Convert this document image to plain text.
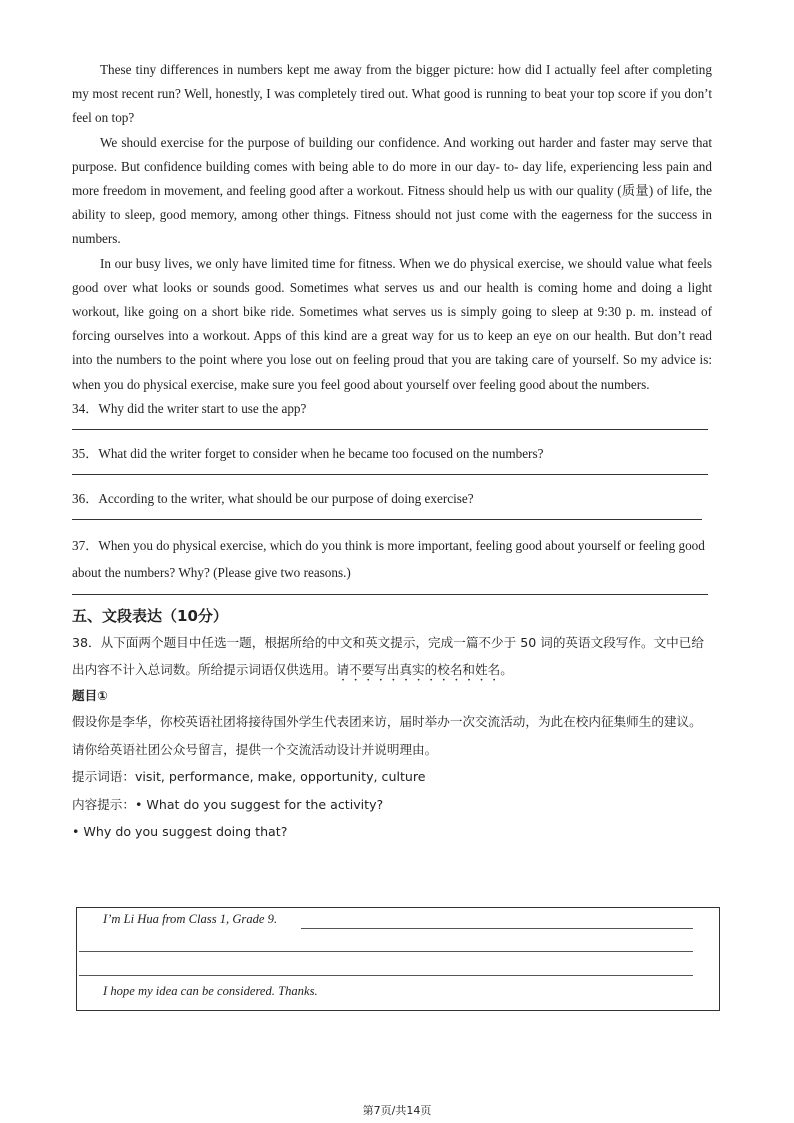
These tiny differences in numbers kept me away from the bigger picture: how did I actually feel after completing my most recent run? Well, honestly, I was completely tired out. What good is running to beat your top score if you don’t feel on top?

We should exercise for the purpose of building our confidence. And working out harder and faster may serve that purpose. But confidence building comes with being able to do more in our day- to- day life, experiencing less pain and more freedom in movement, and feeling good after a workout. Fitness should help us with our quality (质量) of life, the ability to sleep, good memory, among other things. Fitness should not just come with the eagerness for the success in numbers.

In our busy lives, we only have limited time for fitness. When we do physical exercise, we should value what feels good over what looks or sounds good. Sometimes what serves us and our health is coming home and doing a light workout, like going on a short bike ride. Sometimes what serves us is simply going to sleep at 9:30 p. m. instead of forcing ourselves into a workout. Apps of this kind are a great way for us to keep an eye on our health. But don’t read into the numbers to the point where you lose out on feeling proud that you are taking care of yourself. So my advice is: when you do physical exercise, make sure you feel good about yourself over feeling good about the numbers.

34．Why did the writer start to use the app?

35．What did the writer forget to consider when he became too focused on the numbers?

36．According to the writer, what should be our purpose of doing exercise?

37．When you do physical exercise, which do you think is more important, feeling good about yourself or feeling good about the numbers? Why? (Please give two reasons.)

五、文段表达（10分）

38．从下面两个题目中任选一题，根据所给的中文和英文提示，完成一篇不少于 50 词的英语文段写作。文中已给出内容不计入总词数。所给提示词语仅供选用。请不要写出真实的校名和姓名。

题目①

假设你是李华，你校英语社团将接待国外学生代表团来访，届时举办一次交流活动，为此在校内征集师生的建议。请你给英语社团公众号留言，提供一个交流活动设计并说明理由。

提示词语：visit, performance, make, opportunity, culture

内容提示：• What do you suggest for the activity?

• Why do you suggest doing that?

I’m Li Hua from Class 1, Grade 9.
I hope my idea can be considered. Thanks.
第7页/共14页
